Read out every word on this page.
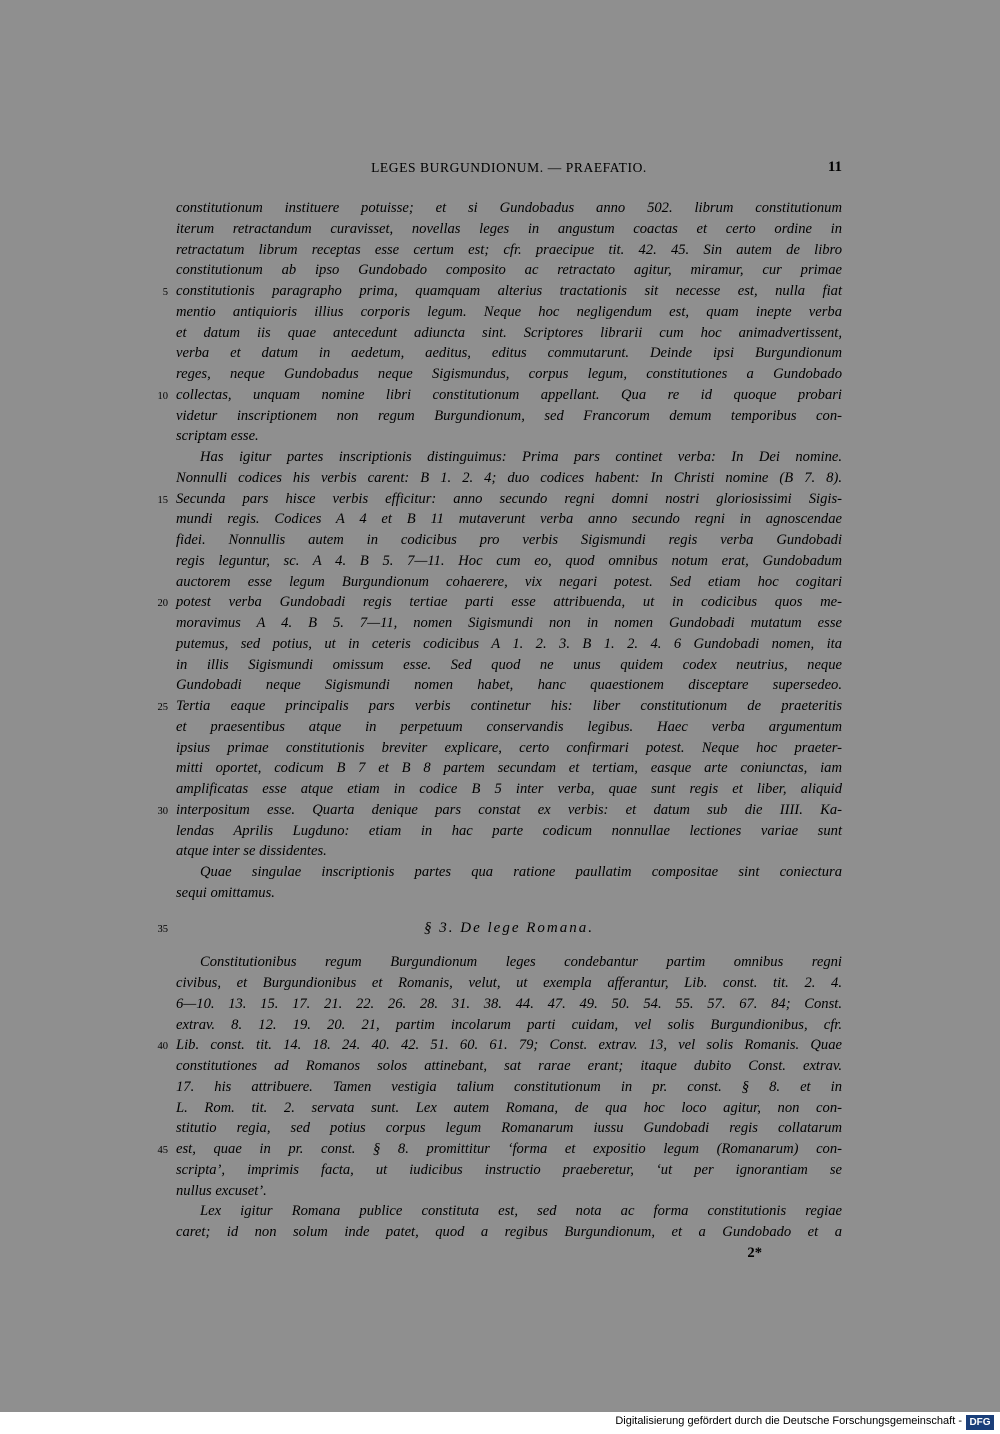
LEGES BURGUNDIONUM. — PRAEFATIO.	11
constitutionum instituere potuisse; et si Gundobadus anno 502. librum constitutionum
iterum retractandum curavisset, novellas leges in angustum coactas et certo ordine in
retractatum librum receptas esse certum est; cfr. praecipue tit. 42. 45. Sin autem de libro
constitutionum ab ipso Gundobado composito ac retractato agitur, miramur, cur primae
5 constitutionis paragrapho prima, quamquam alterius tractationis sit necesse est, nulla fiat
mentio antiquioris illius corporis legum. Neque hoc negligendum est, quam inepte verba
et datum iis quae antecedunt adiuncta sint. Scriptores librarii cum hoc animadvertissent,
verba et datum in aedetum, aeditus, editus commutarunt. Deinde ipsi Burgundionum
reges, neque Gundobadus neque Sigismundus, corpus legum, constitutiones a Gundobado
10 collectas, unquam nomine libri constitutionum appellant. Qua re id quoque probari
videtur inscriptionem non regum Burgundionum, sed Francorum demum temporibus con-
scriptam esse.
Has igitur partes inscriptionis distinguimus: Prima pars continet verba: In Dei nomine.
Nonnulli codices his verbis carent: B 1. 2. 4; duo codices habent: In Christi nomine (B 7. 8).
15 Secunda pars hisce verbis efficitur: anno secundo regni domni nostri gloriosissimi Sigis-
mundi regis. Codices A 4 et B 11 mutaverunt verba anno secundo regni in agnoscendae
fidei. Nonnullis autem in codicibus pro verbis Sigismundi regis verba Gundobadi
regis leguntur, sc. A 4. B 5. 7—11. Hoc cum eo, quod omnibus notum erat, Gundobadum
auctorem esse legum Burgundionum cohaerere, vix negari potest. Sed etiam hoc cogitari
20 potest verba Gundobadi regis tertiae parti esse attribuenda, ut in codicibus quos me-
moravimus A 4. B 5. 7—11, nomen Sigismundi non in nomen Gundobadi mutatum esse
putemus, sed potius, ut in ceteris codicibus A 1. 2. 3. B 1. 2. 4. 6 Gundobadi nomen, ita
in illis Sigismundi omissum esse. Sed quod ne unus quidem codex neutrius, neque
Gundobadi neque Sigismundi nomen habet, hanc quaestionem disceptare supersedeo.
25 Tertia eaque principalis pars verbis continetur his: liber constitutionum de praeteritis
et praesentibus atque in perpetuum conservandis legibus. Haec verba argumentum
ipsius primae constitutionis breviter explicare, certo confirmari potest. Neque hoc praeter-
mitti oportet, codicum B 7 et B 8 partem secundam et tertiam, easque arte coniunctas, iam
amplificatas esse atque etiam in codice B 5 inter verba, quae sunt regis et liber, aliquid
30 interpositum esse. Quarta denique pars constat ex verbis: et datum sub die IIII. Ka-
lendas Aprilis Lugduno: etiam in hac parte codicum nonnullae lectiones variae sunt
atque inter se dissidentes.
Quae singulae inscriptionis partes qua ratione paullatim compositae sint coniectura
sequi omittamus.
35	§ 3. De lege Romana.
Constitutionibus regum Burgundionum leges condebantur partim omnibus regni
civibus, et Burgundionibus et Romanis, velut, ut exempla afferantur, Lib. const. tit. 2. 4.
6—10. 13. 15. 17. 21. 22. 26. 28. 31. 38. 44. 47. 49. 50. 54. 55. 57. 67. 84; Const.
extrav. 8. 12. 19. 20. 21, partim incolarum parti cuidam, vel solis Burgundionibus, cfr.
40 Lib. const. tit. 14. 18. 24. 40. 42. 51. 60. 61. 79; Const. extrav. 13, vel solis Romanis. Quae
constitutiones ad Romanos solos attinebant, sat rarae erant; itaque dubito Const. extrav.
17. his attribuere. Tamen vestigia talium constitutionum in pr. const. § 8. et in
L. Rom. tit. 2. servata sunt. Lex autem Romana, de qua hoc loco agitur, non con-
stitutio regia, sed potius corpus legum Romanarum iussu Gundobadi regis collatarum
45 est, quae in pr. const. § 8. promittitur ‘forma et expositio legum (Romanarum) con-
scripta’, imprimis facta, ut iudicibus instructio praeberetur, ‘ut per ignorantiam se
nullus excuset’.
Lex igitur Romana publice constituta est, sed nota ac forma constitutionis regiae
caret; id non solum inde patet, quod a regibus Burgundionum, et a Gundobado et a
2*
Digitalisierung gefördert durch die Deutsche Forschungsgemeinschaft - DFG
